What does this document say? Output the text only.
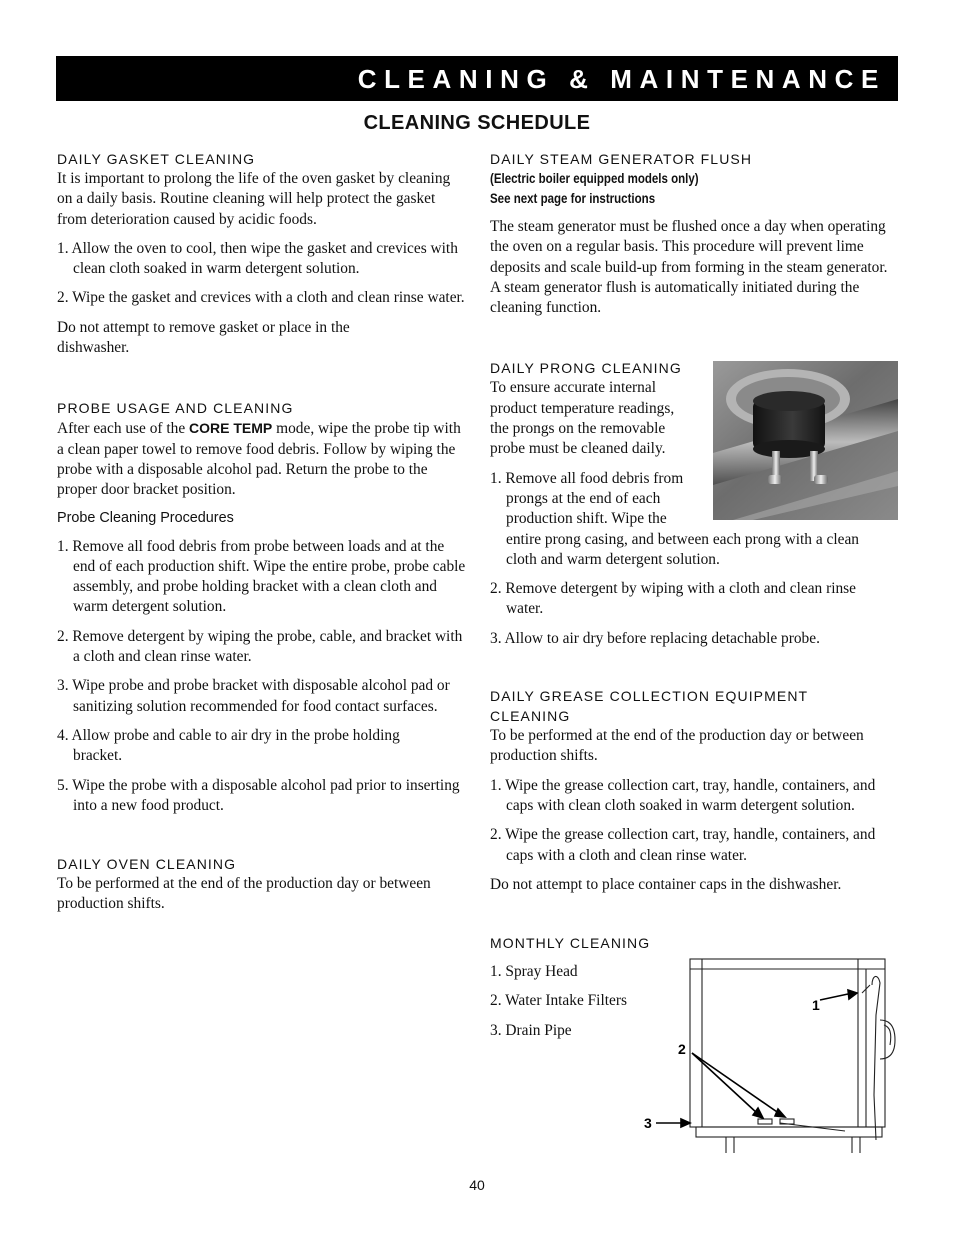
CLEANING & MAINTENANCE
CLEANING SCHEDULE
DAILY GASKET CLEANING

It is important to prolong the life of the oven gasket by cleaning on a daily basis. Routine cleaning will help protect the gasket from deterioration caused by acidic foods.

1. Allow the oven to cool, then wipe the gasket and crevices with clean cloth soaked in warm detergent solution.
2. Wipe the gasket and crevices with a cloth and clean rinse water.

Do not attempt to remove gasket or place in the dishwasher.

PROBE USAGE AND CLEANING

After each use of the CORE TEMP mode, wipe the probe tip with a clean paper towel to remove food debris. Follow by wiping the probe with a disposable alcohol pad. Return the probe to the proper door bracket position.

Probe Cleaning Procedures

1. Remove all food debris from probe between loads and at the end of each production shift. Wipe the entire probe, probe cable assembly, and probe holding bracket with a clean cloth and warm detergent solution.
2. Remove detergent by wiping the probe, cable, and bracket with a cloth and clean rinse water.
3. Wipe probe and probe bracket with disposable alcohol pad or sanitizing solution recommended for food contact surfaces.
4. Allow probe and cable to air dry in the probe holding bracket.
5. Wipe the probe with a disposable alcohol pad prior to inserting into a new food product.
DAILY OVEN CLEANING

To be performed at the end of the production day or between production shifts.

DAILY STEAM GENERATOR FLUSH
(Electric boiler equipped models only)
See next page for instructions

The steam generator must be flushed once a day when operating the oven on a regular basis. This procedure will prevent lime deposits and scale build-up from forming in the steam generator. A steam generator flush is automatically initiated during the cleaning function.

DAILY PRONG CLEANING
To ensure accurate internal
product temperature readings,
the prongs on the removable
probe must be cleaned daily.
1. Remove all food debris from
prongs at the end of each
production shift. Wipe the
entire prong casing, and between each prong with a clean cloth and warm detergent solution.
2. Remove detergent by wiping with a cloth and clean rinse water.
3. Allow to air dry before replacing detachable probe.
DAILY GREASE COLLECTION EQUIPMENT CLEANING

To be performed at the end of the production day or between production shifts.

1. Wipe the grease collection cart, tray, handle, containers, and caps with clean cloth soaked in warm detergent solution.
2. Wipe the grease collection cart, tray, handle, containers, and caps with a cloth and clean rinse water.

Do not attempt to place container caps in the dishwasher.

MONTHLY CLEANING
1. Spray Head
2. Water Intake Filters
3. Drain Pipe
1
2
3
40
